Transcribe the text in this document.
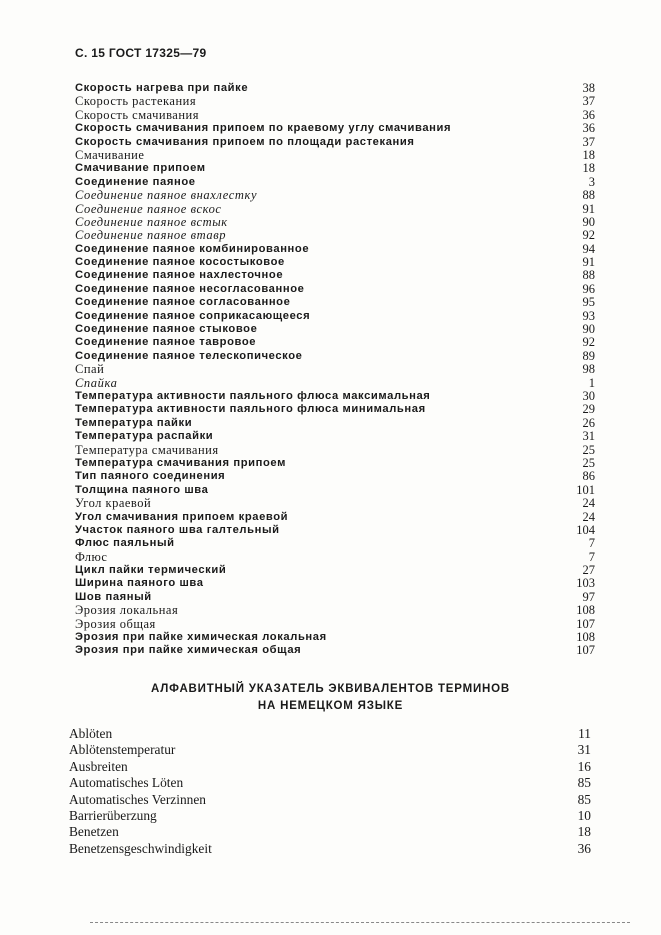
С. 15 ГОСТ 17325—79
Скорость нагрева при пайке	38
Скорость растекания	37
Скорость смачивания	36
Скорость смачивания припоем по краевому углу смачивания	36
Скорость смачивания припоем по площади растекания	37
Смачивание	18
Смачивание припоем	18
Соединение паяное	3
Соединение паяное внахлестку	88
Соединение паяное вскос	91
Соединение паяное встык	90
Соединение паяное втавр	92
Соединение паяное комбинированное	94
Соединение паяное косостыковое	91
Соединение паяное нахлесточное	88
Соединение паяное несогласованное	96
Соединение паяное согласованное	95
Соединение паяное соприкасающееся	93
Соединение паяное стыковое	90
Соединение паяное тавровое	92
Соединение паяное телескопическое	89
Спай	98
Спайка	1
Температура активности паяльного флюса максимальная	30
Температура активности паяльного флюса минимальная	29
Температура пайки	26
Температура распайки	31
Температура смачивания	25
Температура смачивания припоем	25
Тип паяного соединения	86
Толщина паяного шва	101
Угол краевой	24
Угол смачивания припоем краевой	24
Участок паяного шва галтельный	104
Флюс паяльный	7
Флюс	7
Цикл пайки термический	27
Ширина паяного шва	103
Шов паяный	97
Эрозия локальная	108
Эрозия общая	107
Эрозия при пайке химическая локальная	108
Эрозия при пайке химическая общая	107
АЛФАВИТНЫЙ УКАЗАТЕЛЬ ЭКВИВАЛЕНТОВ ТЕРМИНОВ
НА НЕМЕЦКОМ ЯЗЫКЕ
Ablöten	11
Ablötenstemperatur	31
Ausbreiten	16
Automatisches Löten	85
Automatisches Verzinnen	85
Barrierüberzung	10
Benetzen	18
Benetzensgeschwindigkeit	36
